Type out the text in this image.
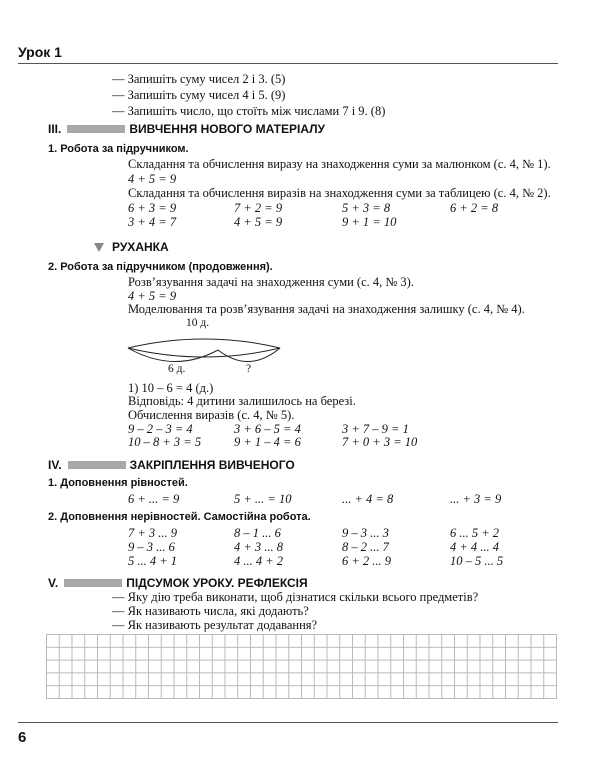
Урок 1
— Запишіть суму чисел 2 і 3. (5)
— Запишіть суму чисел 4 і 5. (9)
— Запишіть число, що стоїть між числами 7 і 9. (8)
III.	ВИВЧЕННЯ НОВОГО МАТЕРІАЛУ
1. Робота за підручником.
Складання та обчислення виразу на знаходження суми за малюнком (с. 4, № 1).
4 + 5 = 9
Складання та обчислення виразів на знаходження суми за таблицею (с. 4, № 2).
6 + 3 = 9	7 + 2 = 9	5 + 3 = 8	6 + 2 = 8
3 + 4 = 7	4 + 5 = 9	9 + 1 = 10
РУХАНКА
2. Робота за підручником (продовження).
Розв’язування задачі на знаходження суми (с. 4, № 3).
4 + 5 = 9
Моделювання та розв’язування задачі на знаходження залишку (с. 4, № 4).
10 д.
6 д.	?
1) 10 – 6 = 4 (д.)
Відповідь: 4 дитини залишилось на березі.
Обчислення виразів (с. 4, № 5).
9 – 2 – 3 = 4	3 + 6 – 5 = 4	3 + 7 – 9 = 1
10 – 8 + 3 = 5	9 + 1 – 4 = 6	7 + 0 + 3 = 10
IV.	ЗАКРІПЛЕННЯ ВИВЧЕНОГО
1. Доповнення рівностей.
6 + ... = 9	5 + ... = 10	... + 4 = 8	... + 3 = 9
2. Доповнення нерівностей. Самостійна робота.
7 + 3 ... 9	8 – 1 ... 6	9 – 3 ... 3	6 ... 5 + 2
9 – 3 ... 6	4 + 3 ... 8	8 – 2 ... 7	4 + 4 ... 4
5 ... 4 + 1	4 ... 4 + 2	6 + 2 ... 9	10 – 5 ... 5
V.	ПІДСУМОК УРОКУ. РЕФЛЕКСІЯ
— Яку дію треба виконати, щоб дізнатися скільки всього предметів?
— Як називають числа, які додають?
— Як називають результат додавання?
6
